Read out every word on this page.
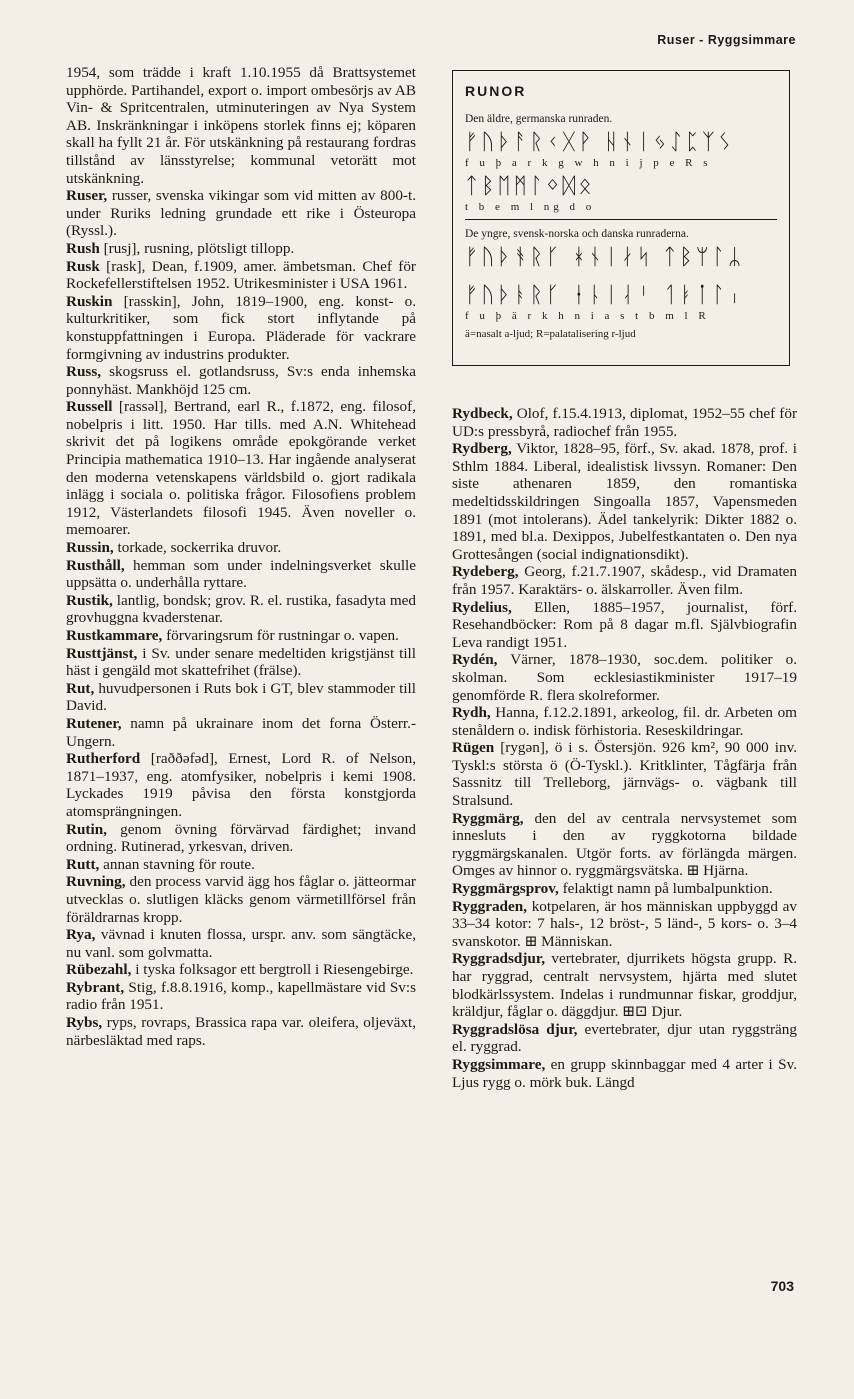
Ruser - Ryggsimmare
RUNOR
Den äldre, germanska runraden.
ᚠᚢᚦᚨᚱᚲᚷᚹ ᚺᚾᛁᛃᛇᛈᛉᛊ
f u þ a r k g w h n i j p e R s
ᛏᛒᛖᛗᛚᛜᛞᛟ
t b e m l ng d o
De yngre, svensk-norska och danska runraderna.
ᚠᚢᚦᚬᚱᚴ ᚼᚾᛁᛅᛋ ᛏᛒᛘᛚᛦ
ᚠᚢᚦᚭᚱᚴ ᚽᚿᛁᛆᛌ ᛐᛓᛙᛚᛧ
f u þ ä r k h n i a s t b m l R
ä=nasalt a-ljud; R=palatalisering r-ljud

1954, som trädde i kraft 1.10.1955 då Brattsystemet upphörde. Partihandel, export o. import ombesörjs av AB Vin- & Spritcentralen, utminuteringen av Nya System AB. Inskränkningar i inköpens storlek finns ej; köparen skall ha fyllt 21 år. För utskänkning på restaurang fordras tillstånd av länsstyrelse; kommunal vetorätt mot utskänkning.

Ruser, russer, svenska vikingar som vid mitten av 800-t. under Ruriks ledning grundade ett rike i Östeuropa (Ryssl.).

Rush [rusj], rusning, plötsligt tillopp.

Rusk [rask], Dean, f.1909, amer. ämbetsman. Chef för Rockefellerstiftelsen 1952. Utrikesminister i USA 1961.

Ruskin [rasskin], John, 1819–1900, eng. konst- o. kulturkritiker, som fick stort inflytande på konstuppfattningen i Europa. Pläderade för vackrare formgivning av industrins produkter.

Russ, skogsruss el. gotlandsruss, Sv:s enda inhemska ponnyhäst. Mankhöjd 125 cm.

Russell [rassəl], Bertrand, earl R., f.1872, eng. filosof, nobelpris i litt. 1950. Har tills. med A.N. Whitehead skrivit det på logikens område epokgörande verket Principia mathematica 1910–13. Har ingående analyserat den moderna vetenskapens världsbild o. gjort radikala inlägg i sociala o. politiska frågor. Filosofiens problem 1912, Västerlandets filosofi 1945. Även noveller o. memoarer.

Russin, torkade, sockerrika druvor.

Rusthåll, hemman som under indelningsverket skulle uppsätta o. underhålla ryttare.

Rustik, lantlig, bondsk; grov. R. el. rustika, fasadyta med grovhuggna kvaderstenar.

Rustkammare, förvaringsrum för rustningar o. vapen.

Rusttjänst, i Sv. under senare medeltiden krigstjänst till häst i gengäld mot skattefrihet (frälse).

Rut, huvudpersonen i Ruts bok i GT, blev stammoder till David.

Rutener, namn på ukrainare inom det forna Österr.-Ungern.

Rutherford [raððəfəd], Ernest, Lord R. of Nelson, 1871–1937, eng. atomfysiker, nobelpris i kemi 1908. Lyckades 1919 påvisa den första konstgjorda atomsprängningen.

Rutin, genom övning förvärvad färdighet; invand ordning. Rutinerad, yrkesvan, driven.

Rutt, annan stavning för route.

Ruvning, den process varvid ägg hos fåglar o. jätteormar utvecklas o. slutligen kläcks genom värmetillförsel från föräldrarnas kropp.

Rya, vävnad i knuten flossa, urspr. anv. som sängtäcke, nu vanl. som golvmatta.

Rübezahl, i tyska folksagor ett bergtroll i Riesengebirge.

Rybrant, Stig, f.8.8.1916, komp., kapellmästare vid Sv:s radio från 1951.

Rybs, ryps, rovraps, Brassica rapa var. oleifera, oljeväxt, närbesläktad med raps.

Rydbeck, Olof, f.15.4.1913, diplomat, 1952–55 chef för UD:s pressbyrå, radiochef från 1955.

Rydberg, Viktor, 1828–95, förf., Sv. akad. 1878, prof. i Sthlm 1884. Liberal, idealistisk livssyn. Romaner: Den siste athenaren 1859, den romantiska medeltidsskildringen Singoalla 1857, Vapensmeden 1891 (mot intolerans). Ädel tankelyrik: Dikter 1882 o. 1891, med bl.a. Dexippos, Jubelfestkantaten o. Den nya Grottesången (social indignationsdikt).

Rydeberg, Georg, f.21.7.1907, skådesp., vid Dramaten från 1957. Karaktärs- o. älskarroller. Även film.

Rydelius, Ellen, 1885–1957, journalist, förf. Resehandböcker: Rom på 8 dagar m.fl. Självbiografin Leva randigt 1951.

Rydén, Värner, 1878–1930, soc.dem. politiker o. skolman. Som ecklesiastikminister 1917–19 genomförde R. flera skolreformer.

Rydh, Hanna, f.12.2.1891, arkeolog, fil. dr. Arbeten om stenåldern o. indisk förhistoria. Reseskildringar.

Rügen [rygən], ö i s. Östersjön. 926 km², 90 000 inv. Tyskl:s största ö (Ö-Tyskl.). Kritklinter, Tågfärja från Sassnitz till Trelleborg, järnvägs- o. vägbank till Stralsund.

Ryggmärg, den del av centrala nervsystemet som innesluts i den av ryggkotorna bildade ryggmärgskanalen. Utgör forts. av förlängda märgen. Omges av hinnor o. ryggmärgsvätska. ⊞ Hjärna.

Ryggmärgsprov, felaktigt namn på lumbalpunktion.

Ryggraden, kotpelaren, är hos människan uppbyggd av 33–34 kotor: 7 hals-, 12 bröst-, 5 länd-, 5 kors- o. 3–4 svanskotor. ⊞ Människan.

Ryggradsdjur, vertebrater, djurrikets högsta grupp. R. har ryggrad, centralt nervsystem, hjärta med slutet blodkärlssystem. Indelas i rundmunnar fiskar, groddjur, kräldjur, fåglar o. däggdjur. ⊞⊡ Djur.

Ryggradslösa djur, evertebrater, djur utan ryggsträng el. ryggrad.

Ryggsimmare, en grupp skinnbaggar med 4 arter i Sv. Ljus rygg o. mörk buk. Längd

703
